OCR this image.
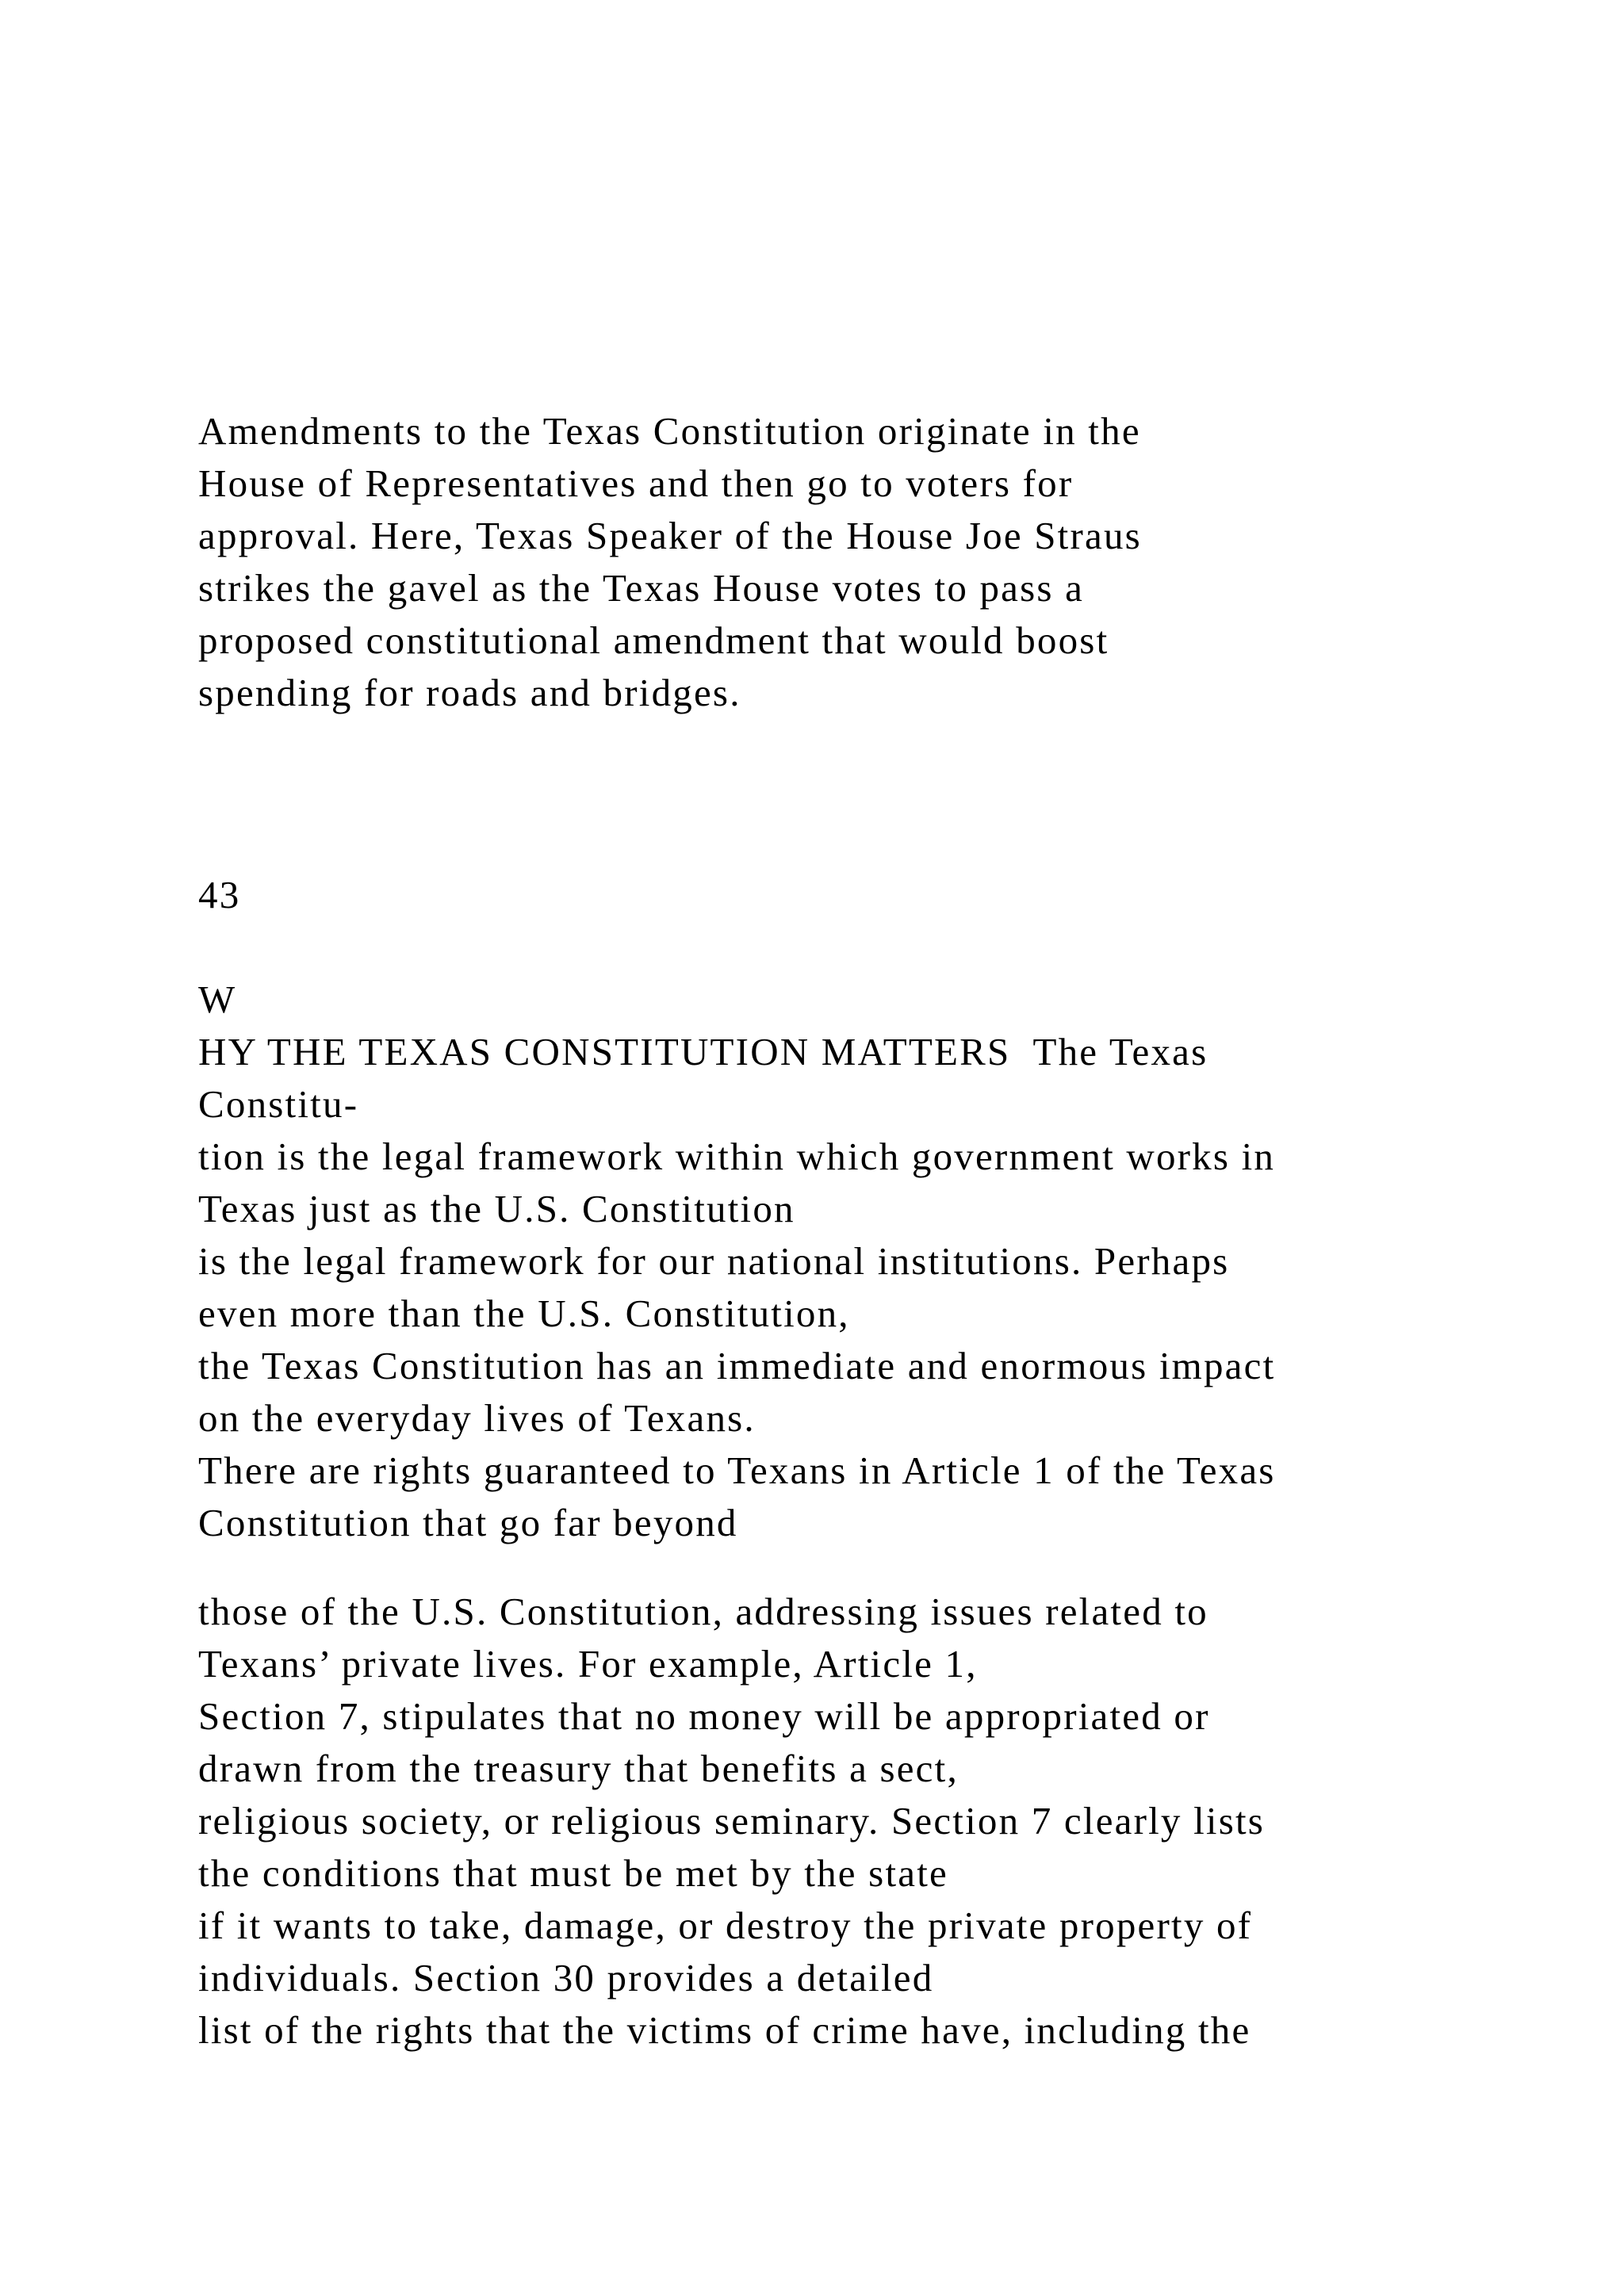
Amendments to the Texas Constitution originate in the
House of Representatives and then go to voters for
approval. Here, Texas Speaker of the House Joe Straus
strikes the gavel as the Texas House votes to pass a
proposed constitutional amendment that would boost
spending for roads and bridges.
43
W
HY THE TEXAS CONSTITUTION MATTERS  The Texas
Constitu-
tion is the legal framework within which government works in
Texas just as the U.S. Constitution
is the legal framework for our national institutions. Perhaps
even more than the U.S. Constitution,
the Texas Constitution has an immediate and enormous impact
on the everyday lives of Texans.
There are rights guaranteed to Texans in Article 1 of the Texas
Constitution that go far beyond
those of the U.S. Constitution, addressing issues related to
Texans’ private lives. For example, Article 1,
Section 7, stipulates that no money will be appropriated or
drawn from the treasury that benefits a sect,
religious society, or religious seminary. Section 7 clearly lists
the conditions that must be met by the state
if it wants to take, damage, or destroy the private property of
individuals. Section 30 provides a detailed
list of the rights that the victims of crime have, including the
